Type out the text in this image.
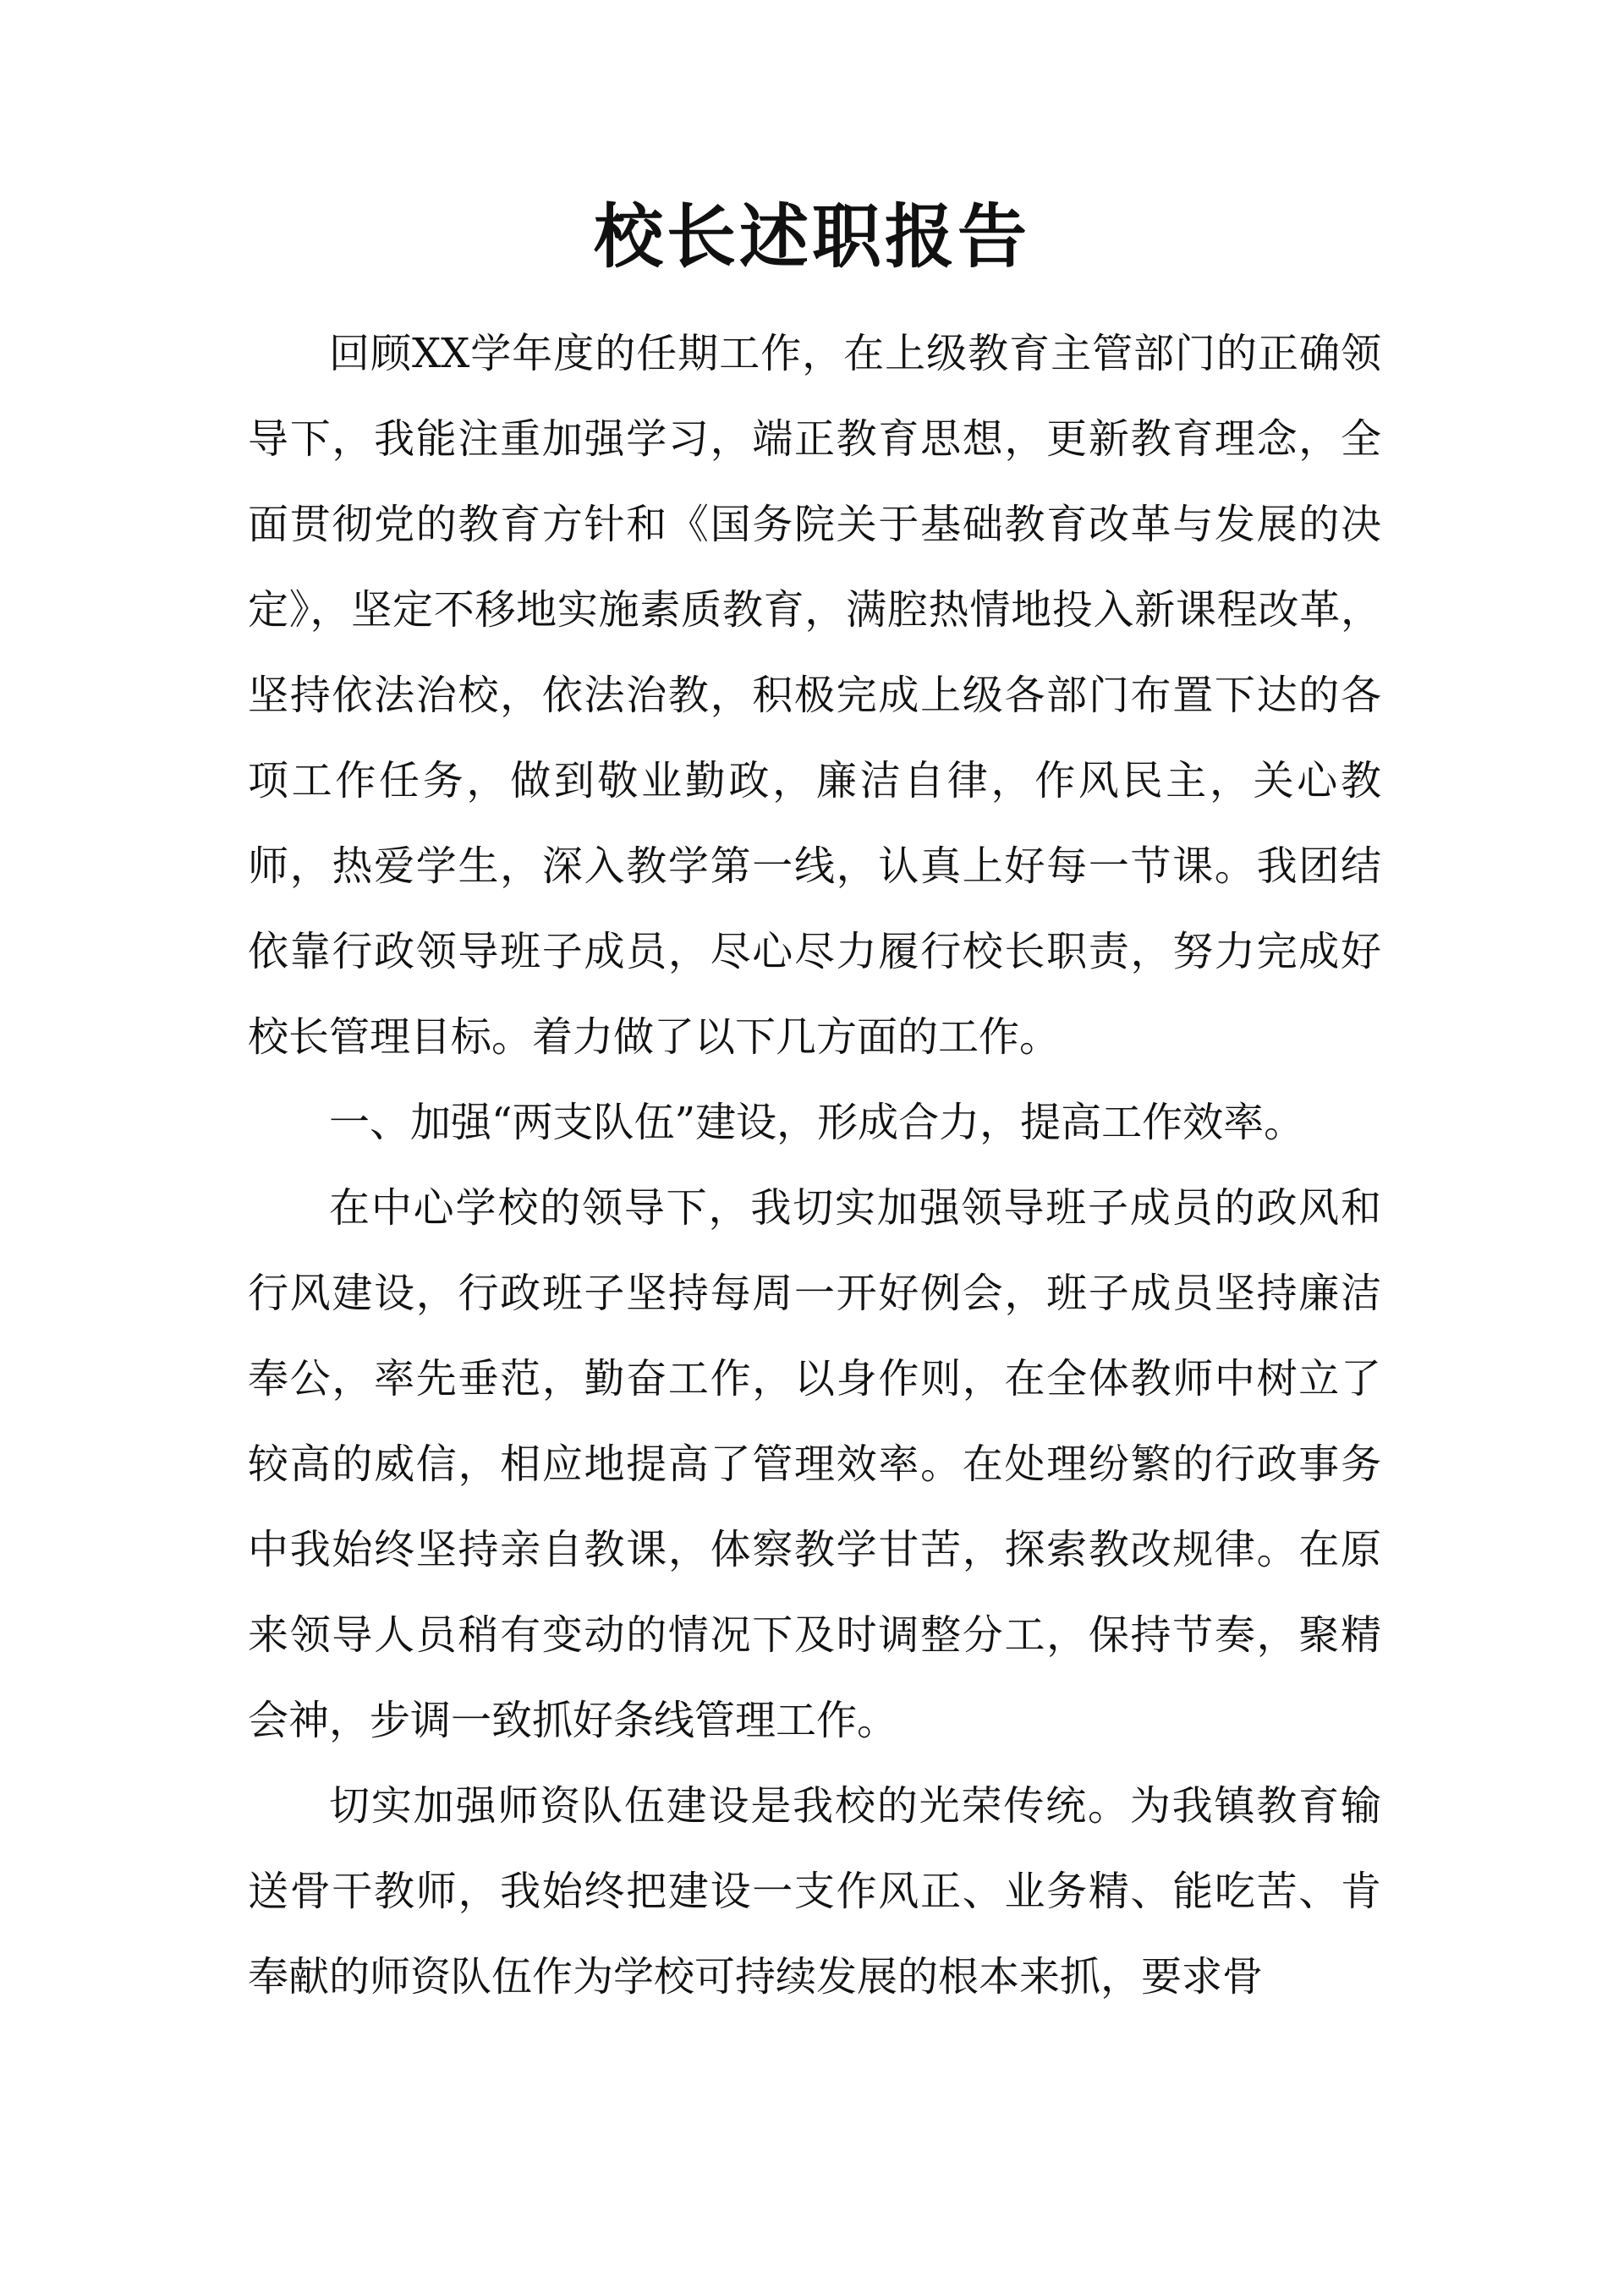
校长述职报告

回顾XX学年度的任期工作，在上级教育主管部门的正确领导下，我能注重加强学习，端正教育思想，更新教育理念，全面贯彻党的教育方针和《国务院关于基础教育改革与发展的决定》，坚定不移地实施素质教育，满腔热情地投入新课程改革，坚持依法治校，依法治教，积极完成上级各部门布置下达的各项工作任务，做到敬业勤政，廉洁自律，作风民主，关心教师，热爱学生，深入教学第一线，认真上好每一节课。我团结依靠行政领导班子成员，尽心尽力履行校长职责，努力完成好校长管理目标。着力做了以下几方面的工作。

一、加强“两支队伍”建设，形成合力，提高工作效率。

在中心学校的领导下，我切实加强领导班子成员的政风和行风建设，行政班子坚持每周一开好例会，班子成员坚持廉洁奉公，率先垂范，勤奋工作，以身作则，在全体教师中树立了较高的威信，相应地提高了管理效率。在处理纷繁的行政事务中我始终坚持亲自教课，体察教学甘苦，探索教改规律。在原来领导人员稍有变动的情况下及时调整分工，保持节奏，聚精会神，步调一致抓好条线管理工作。

切实加强师资队伍建设是我校的光荣传统。为我镇教育输送骨干教师，我始终把建设一支作风正、业务精、能吃苦、肯奉献的师资队伍作为学校可持续发展的根本来抓，要求骨
